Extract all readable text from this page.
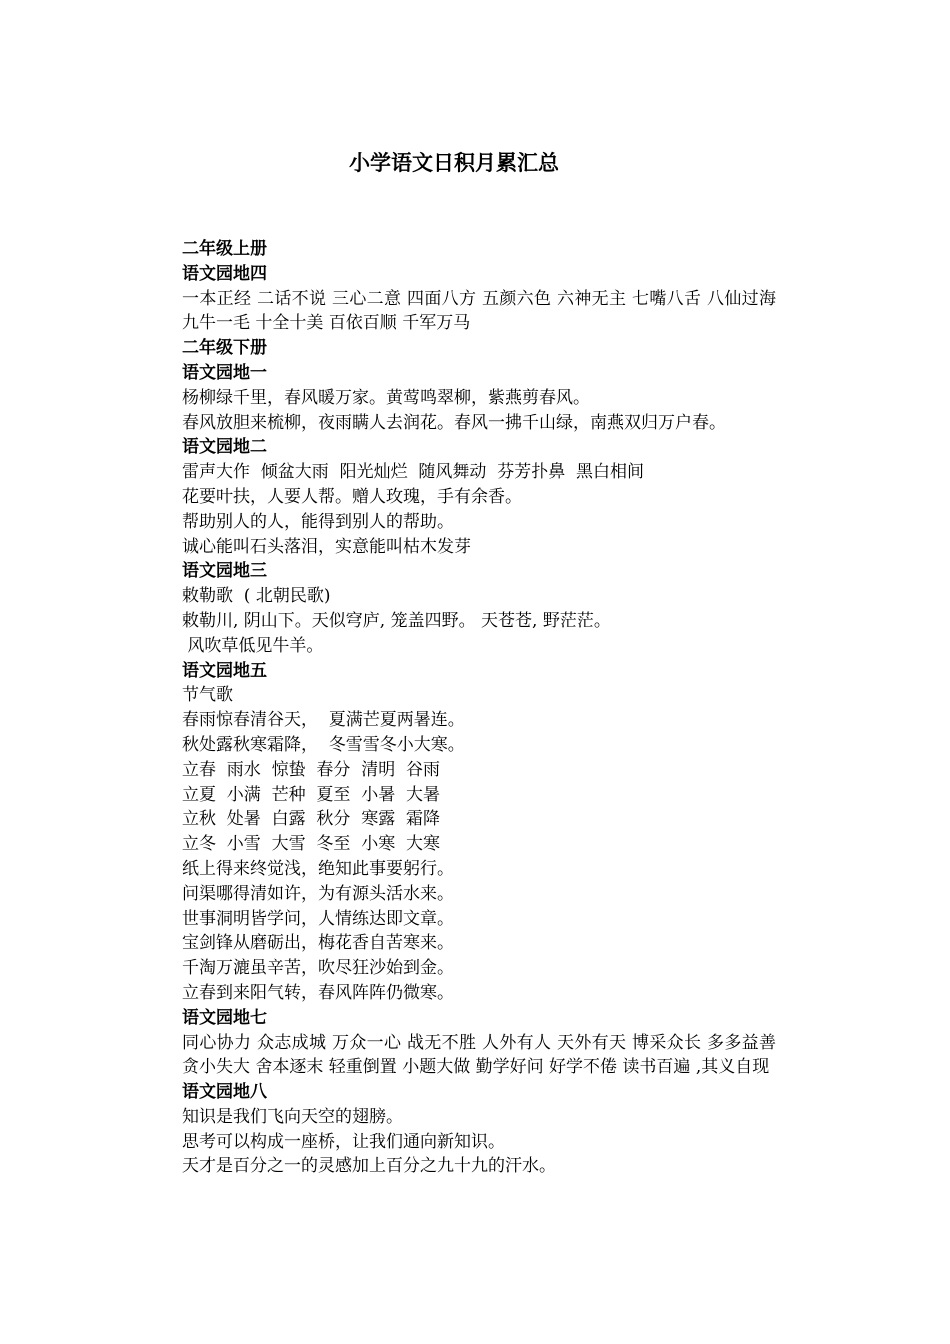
小学语文日积月累汇总
二年级上册
语文园地四
一本正经 二话不说 三心二意 四面八方 五颜六色 六神无主 七嘴八舌 八仙过海 九牛一毛 十全十美 百依百顺 千军万马
二年级下册
语文园地一
杨柳绿千里，春风暖万家。黄莺鸣翠柳，紫燕剪春风。
春风放胆来梳柳，夜雨瞒人去润花。春风一拂千山绿，南燕双归万户春。
语文园地二
雷声大作  倾盆大雨  阳光灿烂  随风舞动  芬芳扑鼻  黑白相间
花要叶扶，人要人帮。赠人玫瑰，手有余香。
帮助别人的人，能得到别人的帮助。
诚心能叫石头落泪，实意能叫枯木发芽
语文园地三
敕勒歌  ( 北朝民歌)
敕勒川, 阴山下。天似穹庐, 笼盖四野。 天苍苍, 野茫茫。
风吹草低见牛羊。
语文园地五
节气歌
春雨惊春清谷天，  夏满芒夏两暑连。
秋处露秋寒霜降，  冬雪雪冬小大寒。
立春  雨水  惊蛰  春分  清明  谷雨
立夏  小满  芒种  夏至  小暑  大暑
立秋  处暑  白露  秋分  寒露  霜降
立冬  小雪  大雪  冬至  小寒  大寒
纸上得来终觉浅，绝知此事要躬行。
问渠哪得清如许，为有源头活水来。
世事洞明皆学问，人情练达即文章。
宝剑锋从磨砺出，梅花香自苦寒来。
千淘万漉虽辛苦，吹尽狂沙始到金。
立春到来阳气转，春风阵阵仍微寒。
语文园地七
同心协力 众志成城 万众一心 战无不胜 人外有人 天外有天 博采众长 多多益善 贪小失大 舍本逐末 轻重倒置 小题大做 勤学好问 好学不倦 读书百遍 ,其义自现
语文园地八
知识是我们飞向天空的翅膀。
思考可以构成一座桥，让我们通向新知识。
天才是百分之一的灵感加上百分之九十九的汗水。
